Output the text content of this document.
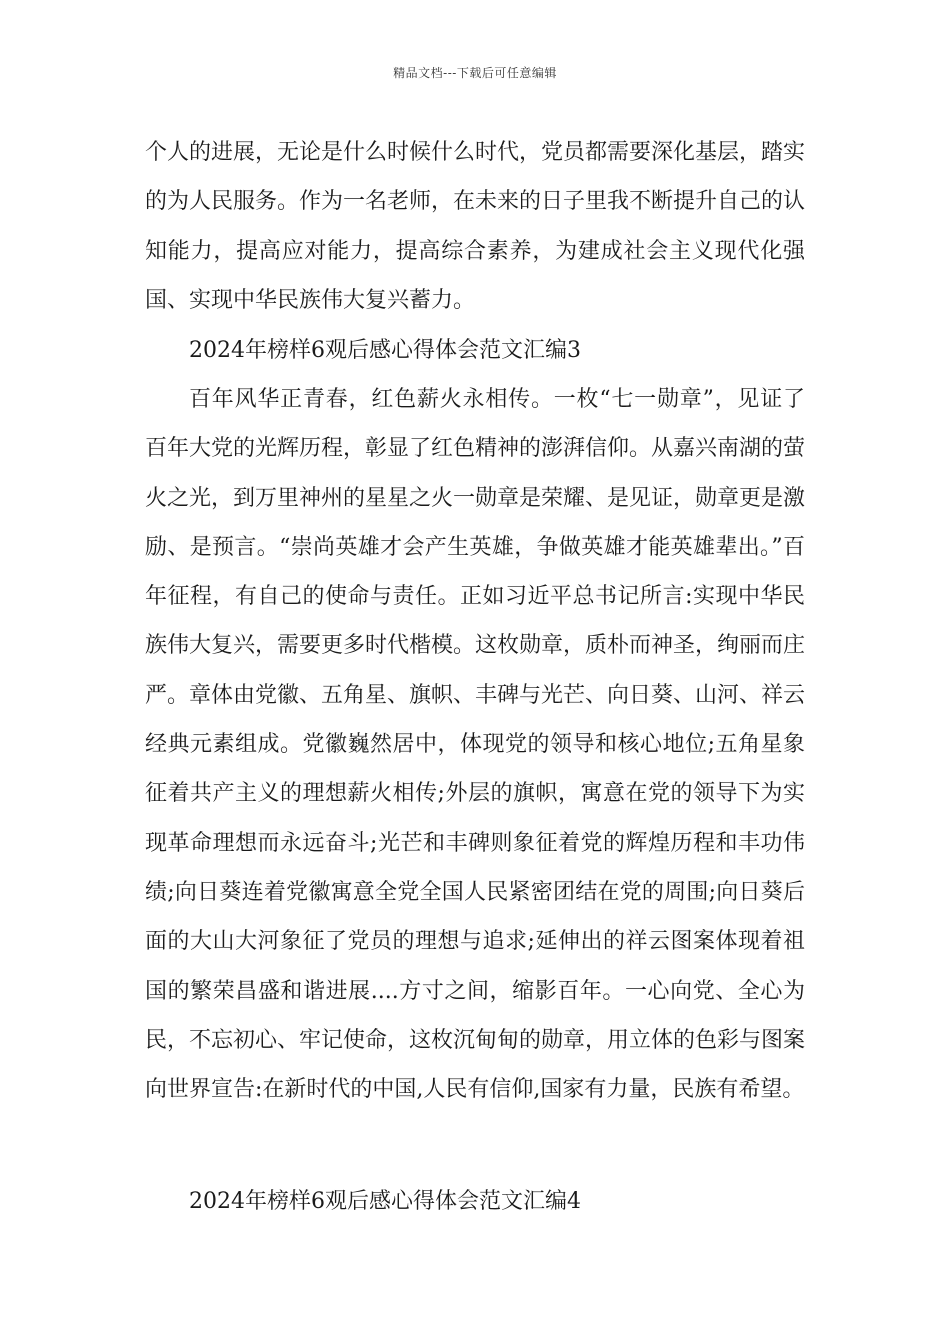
精品文档---下载后可任意编辑

个人的进展，无论是什么时候什么时代，党员都需要深化基层，踏实的为人民服务。作为一名老师，在未来的日子里我不断提升自己的认知能力，提高应对能力，提高综合素养，为建成社会主义现代化强国、实现中华民族伟大复兴蓄力。

2024年榜样6观后感心得体会范文汇编3

百年风华正青春，红色薪火永相传。一枚“七一勋章”，见证了百年大党的光辉历程，彰显了红色精神的澎湃信仰。从嘉兴南湖的萤火之光，到万里神州的星星之火一勋章是荣耀、是见证，勋章更是激励、是预言。“崇尚英雄才会产生英雄，争做英雄才能英雄辈出。”百年征程，有自己的使命与责任。正如习近平总书记所言:实现中华民族伟大复兴，需要更多时代楷模。这枚勋章，质朴而神圣，绚丽而庄严。章体由党徽、五角星、旗帜、丰碑与光芒、向日葵、山河、祥云经典元素组成。党徽巍然居中，体现党的领导和核心地位;五角星象征着共产主义的理想薪火相传;外层的旗帜，寓意在党的领导下为实现革命理想而永远奋斗;光芒和丰碑则象征着党的辉煌历程和丰功伟绩;向日葵连着党徽寓意全党全国人民紧密团结在党的周围;向日葵后面的大山大河象征了党员的理想与追求;延伸出的祥云图案体现着祖国的繁荣昌盛和谐进展....方寸之间，缩影百年。一心向党、全心为民，不忘初心、牢记使命，这枚沉甸甸的勋章，用立体的色彩与图案向世界宣告:在新时代的中国,人民有信仰,国家有力量，民族有希望。

2024年榜样6观后感心得体会范文汇编4
